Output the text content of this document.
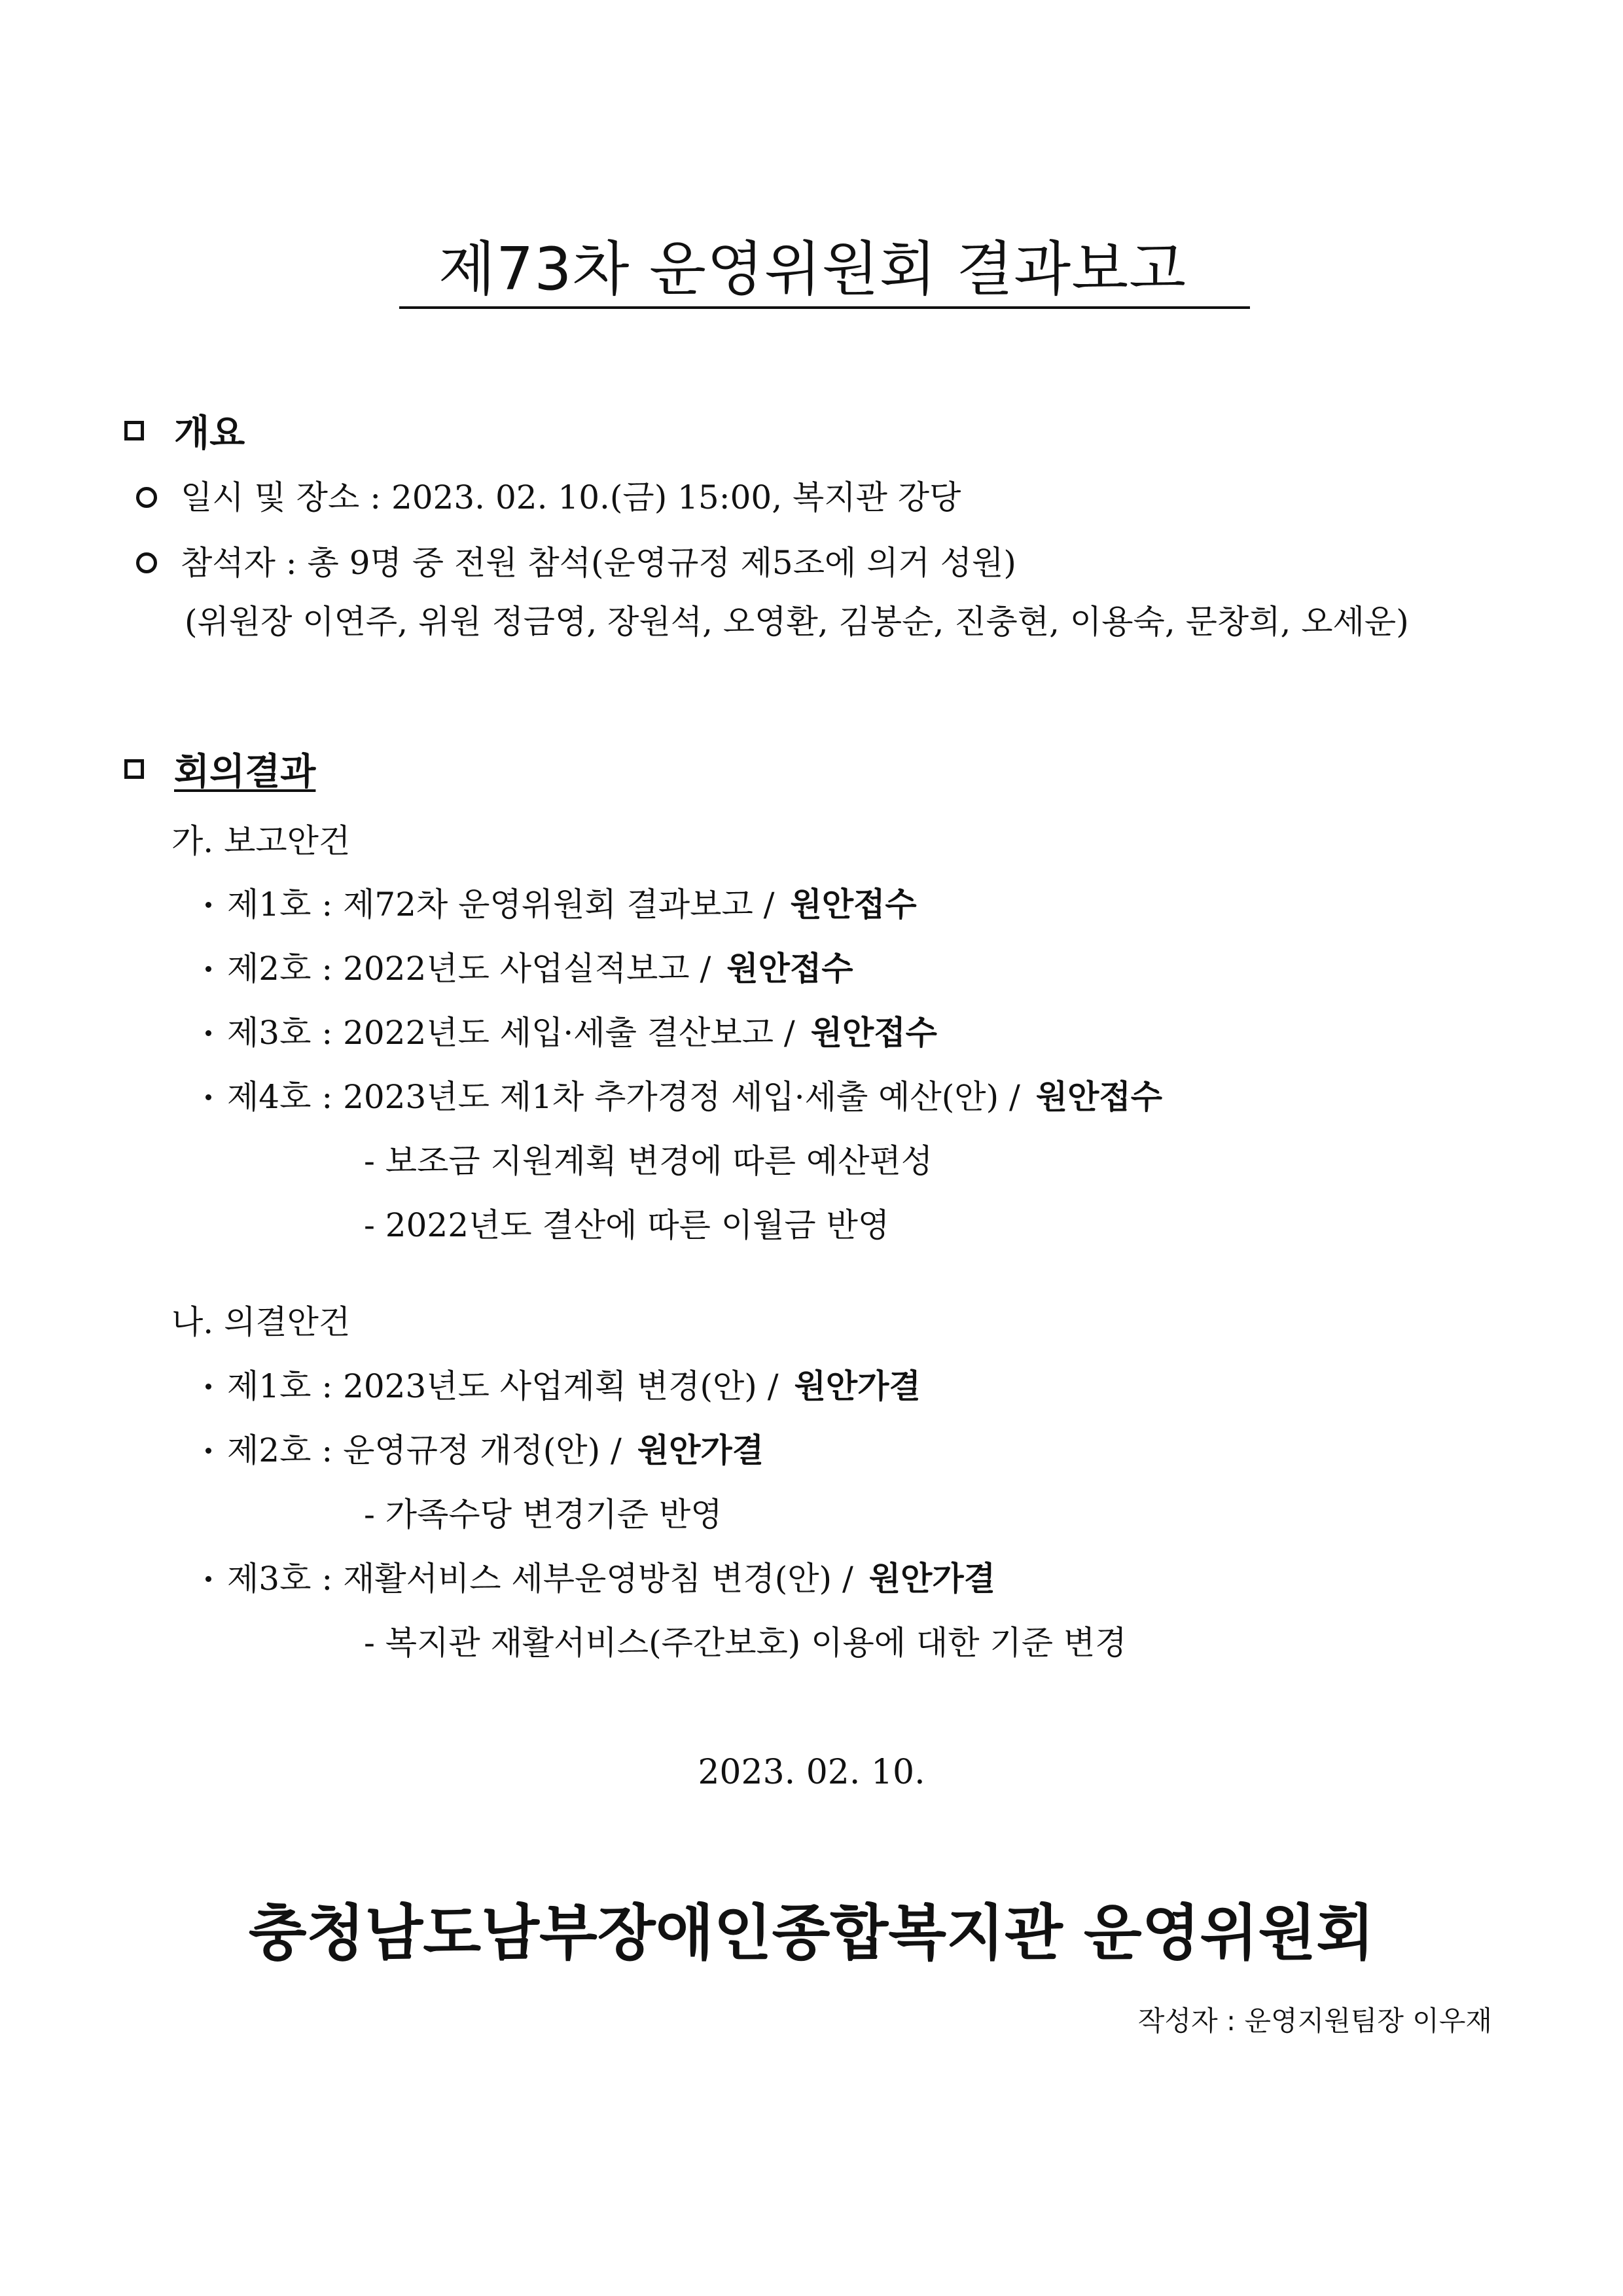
제73차 운영위원회 결과보고
개요
일시 및 장소 : 2023. 02. 10.(금) 15:00, 복지관 강당
참석자 : 총 9명 중 전원 참석(운영규정 제5조에 의거 성원)
(위원장 이연주, 위원 정금영, 장원석, 오영환, 김봉순, 진충현, 이용숙, 문창희, 오세운)
회의결과
가. 보고안건
제1호 : 제72차 운영위원회 결과보고 / 원안접수
제2호 : 2022년도 사업실적보고 / 원안접수
제3호 : 2022년도 세입·세출 결산보고 / 원안접수
제4호 : 2023년도 제1차 추가경정 세입·세출 예산(안) / 원안접수
- 보조금 지원계획 변경에 따른 예산편성
- 2022년도 결산에 따른 이월금 반영
나. 의결안건
제1호 : 2023년도 사업계획 변경(안) / 원안가결
제2호 : 운영규정 개정(안) / 원안가결
- 가족수당 변경기준 반영
제3호 : 재활서비스 세부운영방침 변경(안) / 원안가결
- 복지관 재활서비스(주간보호) 이용에 대한 기준 변경
2023. 02. 10.
충청남도남부장애인종합복지관 운영위원회
작성자 : 운영지원팀장 이우재
